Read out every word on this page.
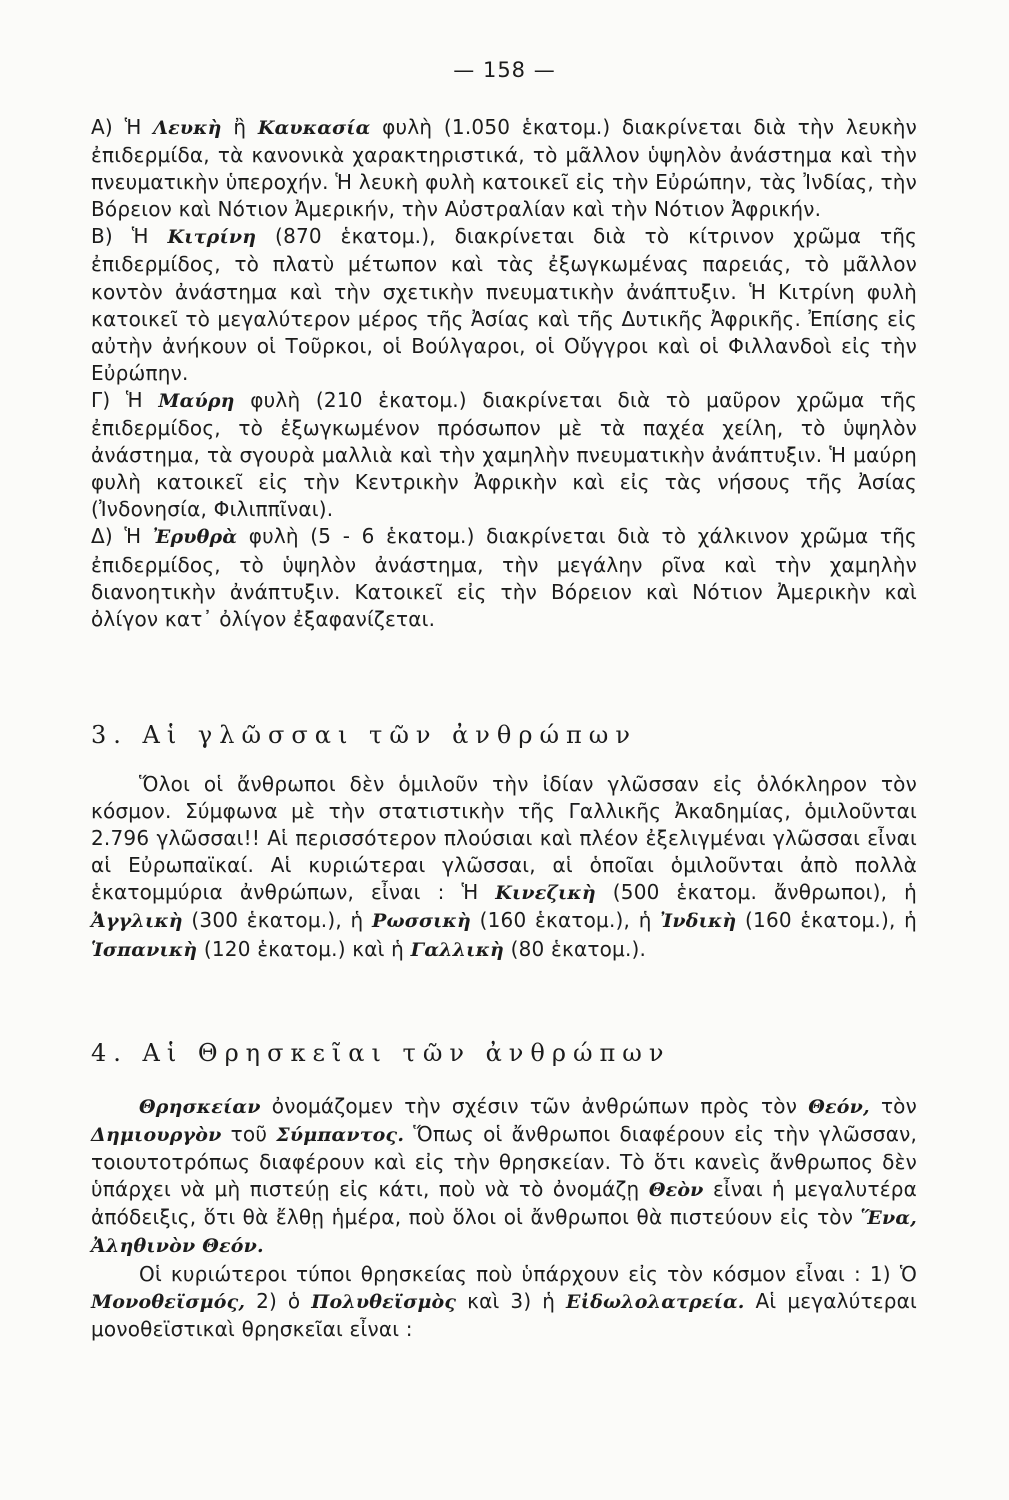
— 158 —

Α) Ἡ Λευκὴ ἢ Καυκασία φυλὴ (1.050 ἑκατομ.) διακρίνεται διὰ τὴν λευκὴν ἐπιδερμίδα, τὰ κανονικὰ χαρακτηριστικά, τὸ μᾶλλον ὑψηλὸν ἀνάστημα καὶ τὴν πνευματικὴν ὑπεροχήν. Ἡ λευκὴ φυλὴ κατοικεῖ εἰς τὴν Εὐρώπην, τὰς Ἰνδίας, τὴν Βόρειον καὶ Νότιον Ἀμερικήν, τὴν Αὐστραλίαν καὶ τὴν Νότιον Ἀφρικήν.

Β) Ἡ Κιτρίνη (870 ἑκατομ.), διακρίνεται διὰ τὸ κίτρινον χρῶμα τῆς ἐπιδερμίδος, τὸ πλατὺ μέτωπον καὶ τὰς ἐξωγκωμένας παρειάς, τὸ μᾶλλον κοντὸν ἀνάστημα καὶ τὴν σχετικὴν πνευματικὴν ἀνάπτυξιν. Ἡ Κιτρίνη φυλὴ κατοικεῖ τὸ μεγαλύτερον μέρος τῆς Ἀσίας καὶ τῆς Δυτικῆς Ἀφρικῆς. Ἐπίσης εἰς αὐτὴν ἀνήκουν οἱ Τοῦρκοι, οἱ Βούλγαροι, οἱ Οὔγγροι καὶ οἱ Φιλλανδοὶ εἰς τὴν Εὐρώπην.

Γ) Ἡ Μαύρη φυλὴ (210 ἑκατομ.) διακρίνεται διὰ τὸ μαῦρον χρῶμα τῆς ἐπιδερμίδος, τὸ ἐξωγκωμένον πρόσωπον μὲ τὰ παχέα χείλη, τὸ ὑψηλὸν ἀνάστημα, τὰ σγουρὰ μαλλιὰ καὶ τὴν χαμηλὴν πνευματικὴν ἀνάπτυξιν. Ἡ μαύρη φυλὴ κατοικεῖ εἰς τὴν Κεντρικὴν Ἀφρικὴν καὶ εἰς τὰς νήσους τῆς Ἀσίας (Ἰνδονησία, Φιλιππῖναι).

Δ) Ἡ Ἐρυθρὰ φυλὴ (5 - 6 ἑκατομ.) διακρίνεται διὰ τὸ χάλκινον χρῶμα τῆς ἐπιδερμίδος, τὸ ὑψηλὸν ἀνάστημα, τὴν μεγάλην ρῖνα καὶ τὴν χαμηλὴν διανοητικὴν ἀνάπτυξιν. Κατοικεῖ εἰς τὴν Βόρειον καὶ Νότιον Ἀμερικὴν καὶ ὀλίγον κατ᾽ ὀλίγον ἐξαφανίζεται.

3. Αἱ γλῶσσαι τῶν ἀνθρώπων

Ὅλοι οἱ ἄνθρωποι δὲν ὁμιλοῦν τὴν ἰδίαν γλῶσσαν εἰς ὁλόκληρον τὸν κόσμον. Σύμφωνα μὲ τὴν στατιστικὴν τῆς Γαλλικῆς Ἀκαδημίας, ὁμιλοῦνται 2.796 γλῶσσαι!! Αἱ περισσότερον πλούσιαι καὶ πλέον ἐξελιγμέναι γλῶσσαι εἶναι αἱ Εὐρωπαϊκαί. Αἱ κυριώτεραι γλῶσσαι, αἱ ὁποῖαι ὁμιλοῦνται ἀπὸ πολλὰ ἑκατομμύρια ἀνθρώπων, εἶναι : Ἡ Κινεζικὴ (500 ἑκατομ. ἄνθρωποι), ἡ Ἀγγλικὴ (300 ἑκατομ.), ἡ Ρωσσικὴ (160 ἑκατομ.), ἡ Ἰνδικὴ (160 ἑκατομ.), ἡ Ἱσπανικὴ (120 ἑκατομ.) καὶ ἡ Γαλλικὴ (80 ἑκατομ.).

4. Αἱ Θρησκεῖαι τῶν ἀνθρώπων

Θρησκείαν ὀνομάζομεν τὴν σχέσιν τῶν ἀνθρώπων πρὸς τὸν Θεόν, τὸν Δημιουργὸν τοῦ Σύμπαντος. Ὅπως οἱ ἄνθρωποι διαφέρουν εἰς τὴν γλῶσσαν, τοιουτοτρόπως διαφέρουν καὶ εἰς τὴν θρησκείαν. Τὸ ὅτι κανεὶς ἄνθρωπος δὲν ὑπάρχει νὰ μὴ πιστεύῃ εἰς κάτι, ποὺ νὰ τὸ ὀνομάζῃ Θεὸν εἶναι ἡ μεγαλυτέρα ἀπόδειξις, ὅτι θὰ ἔλθῃ ἡμέρα, ποὺ ὅλοι οἱ ἄνθρωποι θὰ πιστεύουν εἰς τὸν Ἕνα, Ἀληθινὸν Θεόν.

Οἱ κυριώτεροι τύποι θρησκείας ποὺ ὑπάρχουν εἰς τὸν κόσμον εἶναι : 1) Ὁ Μονοθεϊσμός, 2) ὁ Πολυθεϊσμὸς καὶ 3) ἡ Εἰδωλολατρεία. Αἱ μεγαλύτεραι μονοθεϊστικαὶ θρησκεῖαι εἶναι :
